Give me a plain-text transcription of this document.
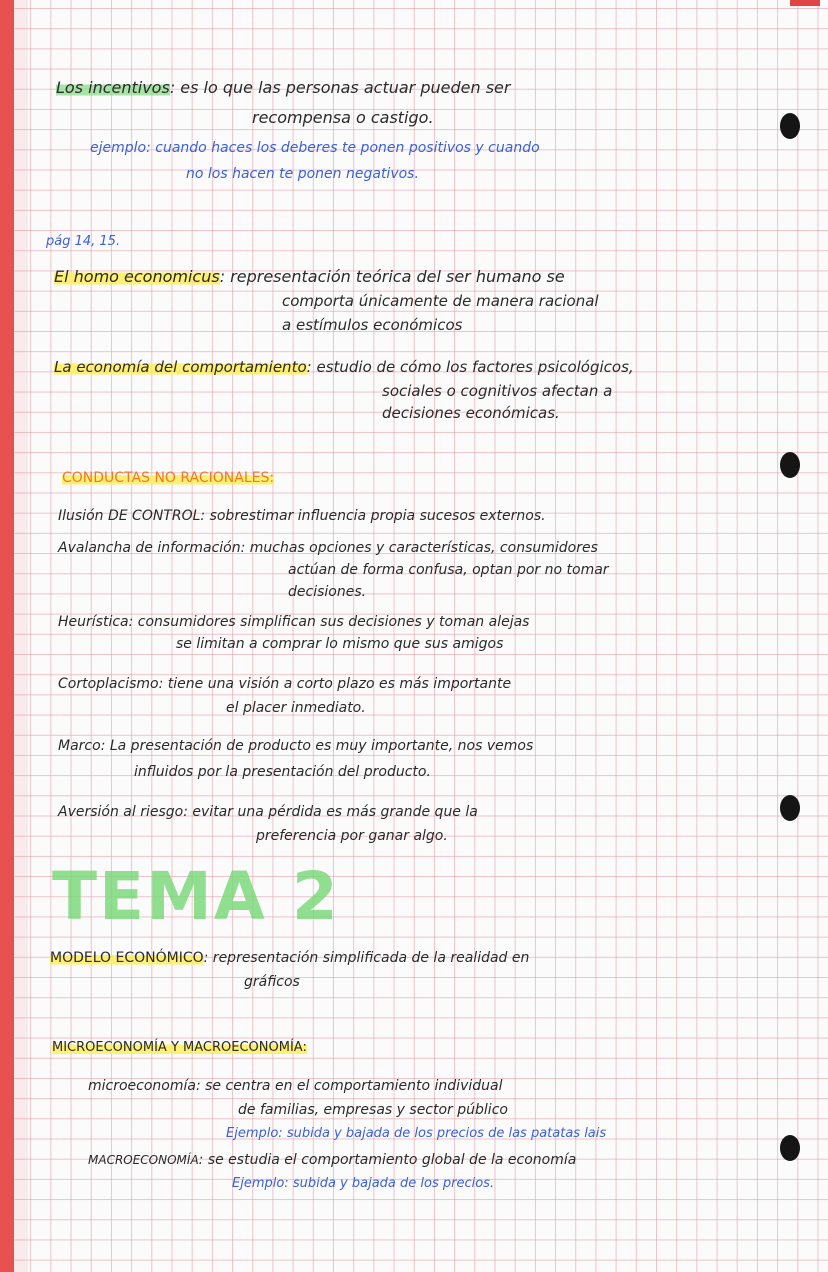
Los incentivos: es lo que las personas actuar pueden ser
recompensa o castigo.
ejemplo: cuando haces los deberes te ponen positivos y cuando
no los hacen te ponen negativos.
pág 14, 15.
El homo economicus: representación teórica del ser humano se
comporta únicamente de manera racional
a estímulos económicos
La economía del comportamiento: estudio de cómo los factores psicológicos,
sociales o cognitivos afectan a
decisiones económicas.
CONDUCTAS NO RACIONALES:
Ilusión DE CONTROL: sobrestimar influencia propia sucesos externos.
Avalancha de información: muchas opciones y características, consumidores
actúan de forma confusa, optan por no tomar
decisiones.
Heurística: consumidores simplifican sus decisiones y toman alejas
se limitan a comprar lo mismo que sus amigos
Cortoplacismo: tiene una visión a corto plazo es más importante
el placer inmediato.
Marco: La presentación de producto es muy importante, nos vemos
influidos por la presentación del producto.
Aversión al riesgo: evitar una pérdida es más grande que la
preferencia por ganar algo.
TEMA 2
MODELO ECONÓMICO: representación simplificada de la realidad en
gráficos
MICROECONOMÍA Y MACROECONOMÍA:
microeconomía: se centra en el comportamiento individual
de familias, empresas y sector público
Ejemplo: subida y bajada de los precios de las patatas lais
MACROECONOMÍA: se estudia el comportamiento global de la economía
Ejemplo: subida y bajada de los precios.
